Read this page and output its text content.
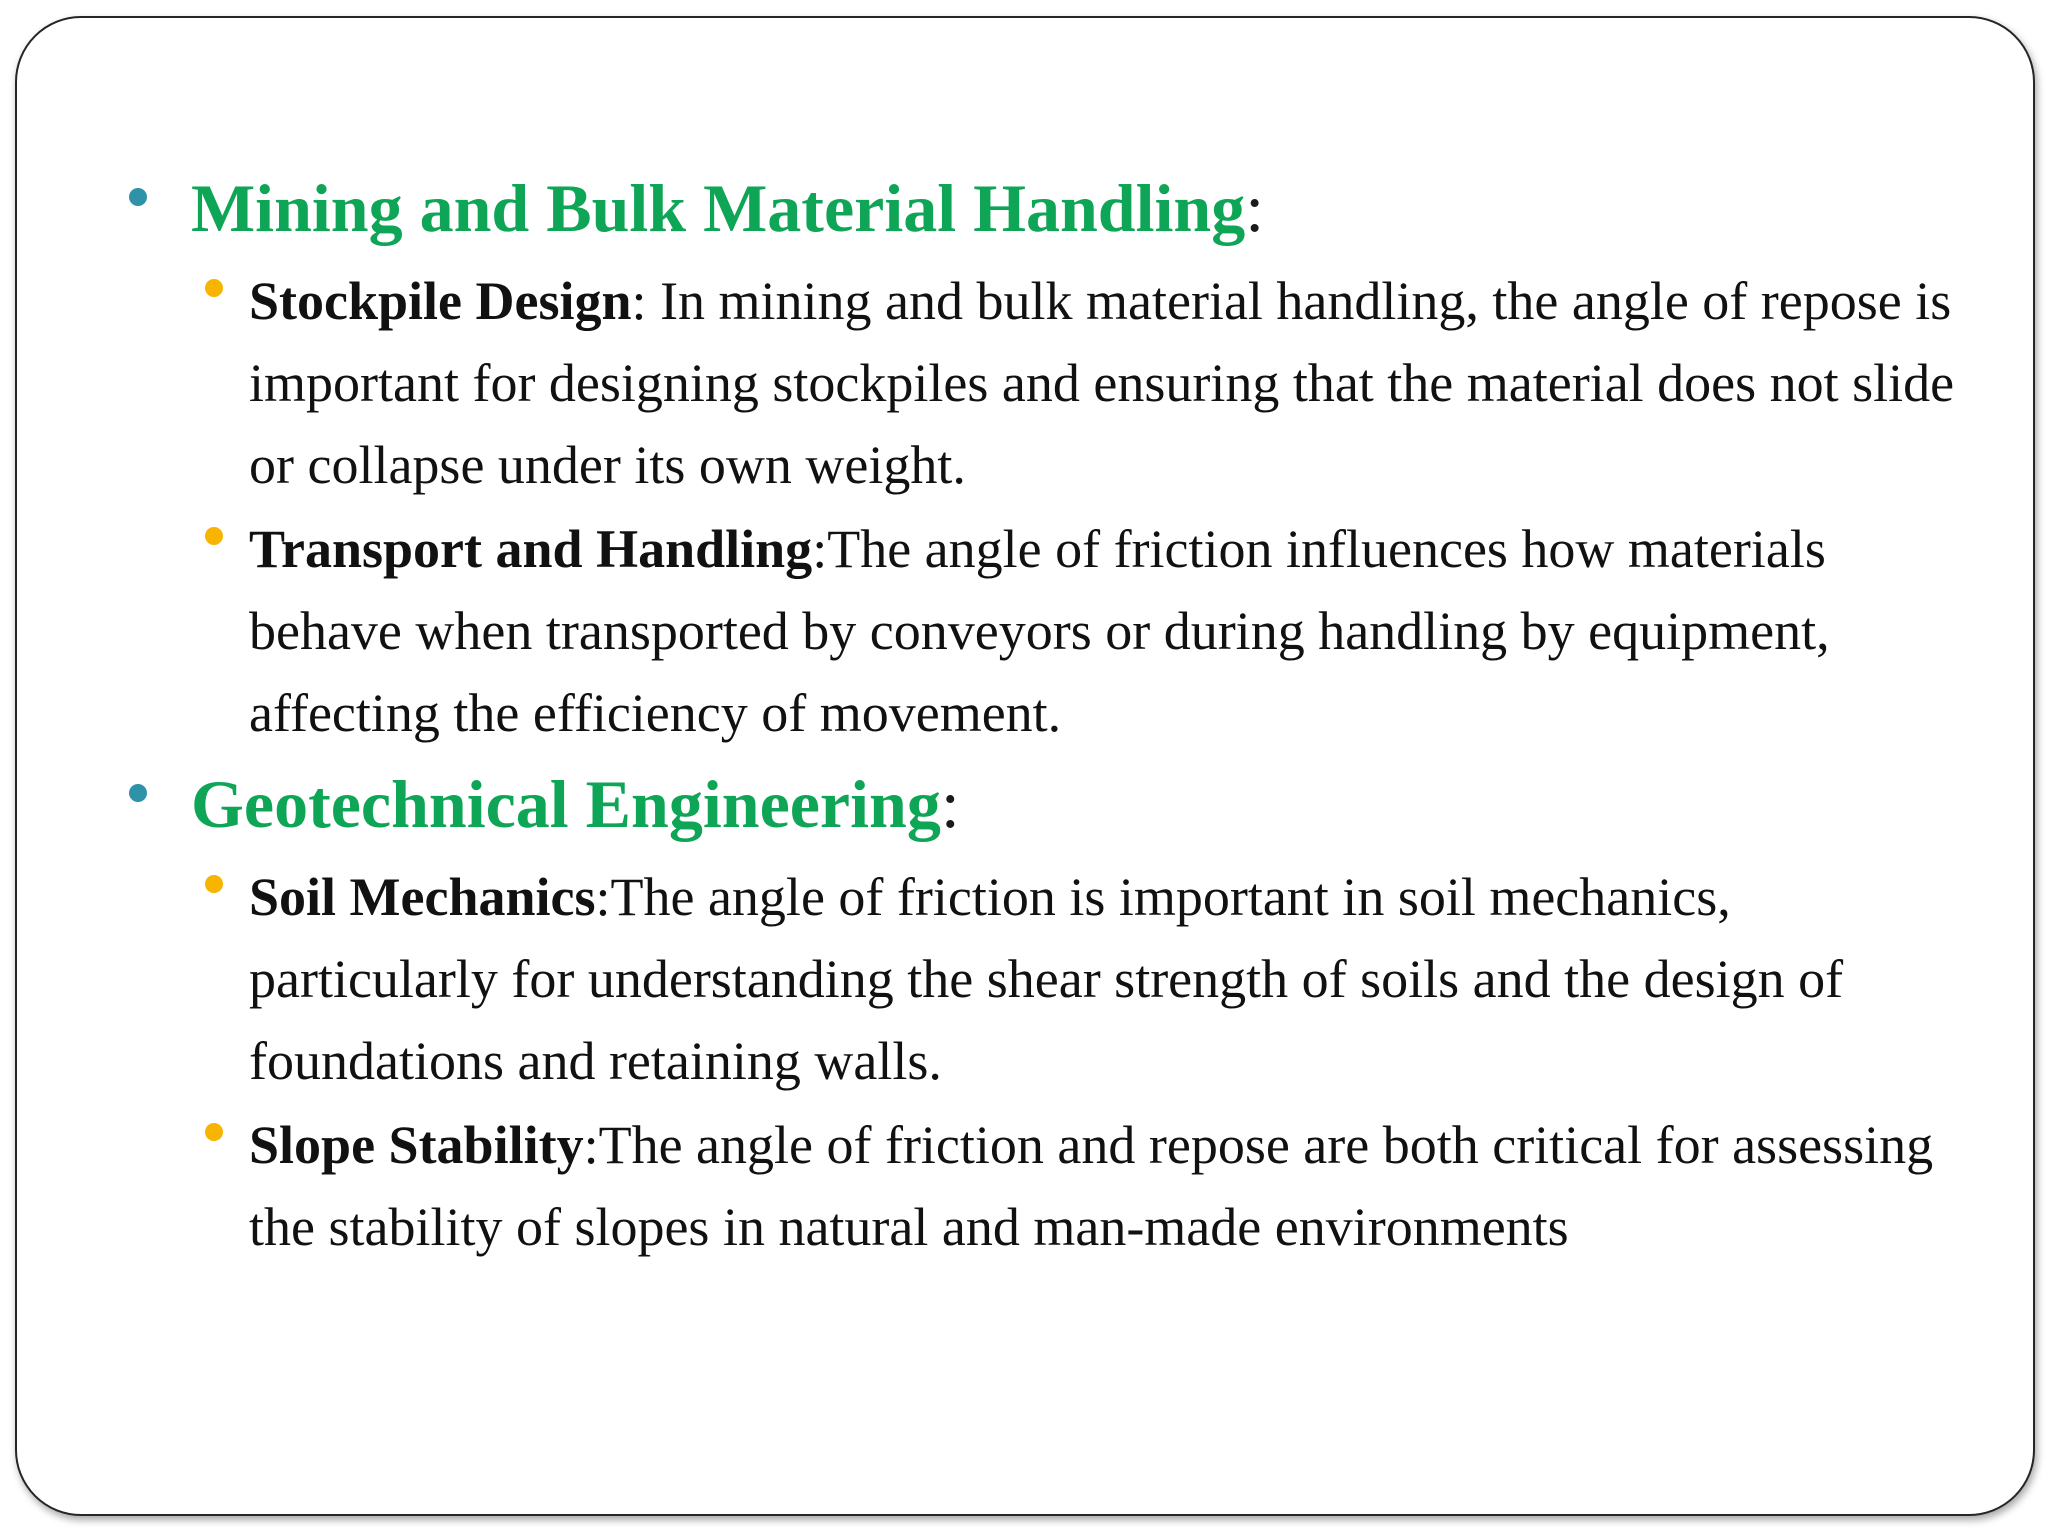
Mining and Bulk Material Handling:
Stockpile Design: In mining and bulk material handling, the angle of repose is important for designing stockpiles and ensuring that the material does not slide or collapse under its own weight.
Transport and Handling:The angle of friction influences how materials behave when transported by conveyors or during handling by equipment, affecting the efficiency of movement.
Geotechnical Engineering:
Soil Mechanics:The angle of friction is important in soil mechanics, particularly for understanding the shear strength of soils and the design of foundations and retaining walls.
Slope Stability:The angle of friction and repose are both critical for assessing the stability of slopes in natural and man-made environments
